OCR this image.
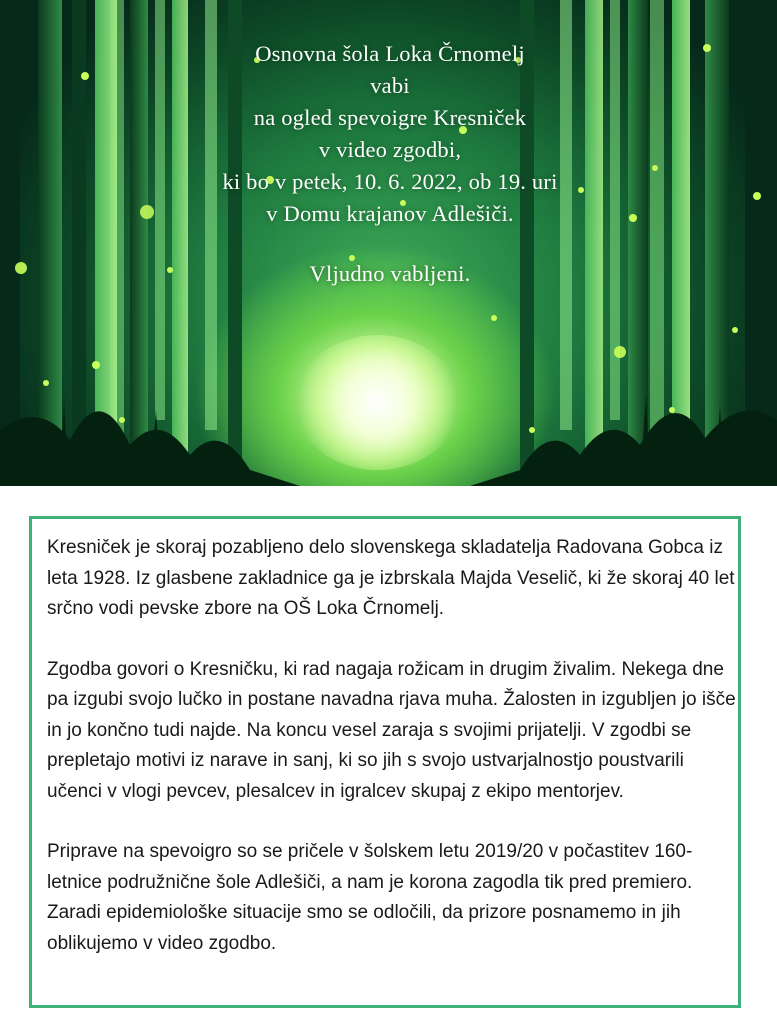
Osnovna šola Loka Črnomelj
vabi
na ogled spevoigre Kresniček
v video zgodbi,
ki bo v petek, 10. 6. 2022, ob 19. uri
v Domu krajanov Adlešiči.
Vljudno vabljeni.

Kresniček je skoraj pozabljeno delo slovenskega skladatelja Radovana Gobca iz leta 1928. Iz glasbene zakladnice ga je izbrskala Majda Veselič, ki že skoraj 40 let srčno vodi pevske zbore na OŠ Loka Črnomelj.

Zgodba govori o Kresničku, ki rad nagaja rožicam in drugim živalim. Nekega dne pa izgubi svojo lučko in postane navadna rjava muha. Žalosten in izgubljen jo išče in jo končno tudi najde. Na koncu vesel zaraja s svojimi prijatelji. V zgodbi se prepletajo motivi iz narave in sanj, ki so jih s svojo ustvarjalnostjo poustvarili učenci v vlogi pevcev, plesalcev in igralcev skupaj z ekipo mentorjev.

Priprave na spevoigro so se pričele v šolskem letu 2019/20 v počastitev 160-letnice podružnične šole Adlešiči, a nam je korona zagodla tik pred premiero. Zaradi epidemiološke situacije smo se odločili, da prizore posnamemo in jih oblikujemo v video zgodbo.
